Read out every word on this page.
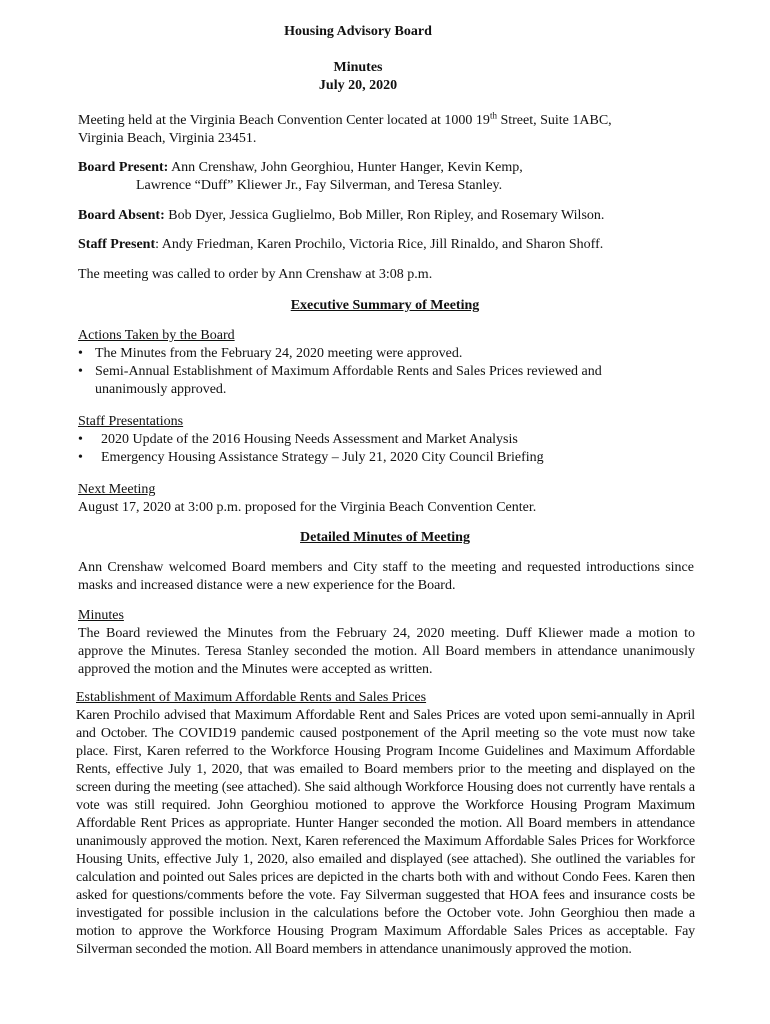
Housing Advisory Board
Minutes
July 20, 2020
Meeting held at the Virginia Beach Convention Center located at 1000 19th Street, Suite 1ABC,
Virginia Beach, Virginia 23451.
Board Present: Ann Crenshaw, John Georghiou, Hunter Hanger, Kevin Kemp,
Lawrence “Duff” Kliewer Jr., Fay Silverman, and Teresa Stanley.
Board Absent: Bob Dyer, Jessica Guglielmo, Bob Miller, Ron Ripley, and Rosemary Wilson.
Staff Present: Andy Friedman, Karen Prochilo, Victoria Rice, Jill Rinaldo, and Sharon Shoff.
The meeting was called to order by Ann Crenshaw at 3:08 p.m.
Executive Summary of Meeting
Actions Taken by the Board
• The Minutes from the February 24, 2020 meeting were approved.
• Semi-Annual Establishment of Maximum Affordable Rents and Sales Prices reviewed and unanimously approved.
Staff Presentations
• 2020 Update of the 2016 Housing Needs Assessment and Market Analysis
• Emergency Housing Assistance Strategy – July 21, 2020 City Council Briefing
Next Meeting
August 17, 2020 at 3:00 p.m. proposed for the Virginia Beach Convention Center.
Detailed Minutes of Meeting
Ann Crenshaw welcomed Board members and City staff to the meeting and requested introductions since masks and increased distance were a new experience for the Board.
Minutes
The Board reviewed the Minutes from the February 24, 2020 meeting. Duff Kliewer made a motion to approve the Minutes. Teresa Stanley seconded the motion. All Board members in attendance unanimously approved the motion and the Minutes were accepted as written.
Establishment of Maximum Affordable Rents and Sales Prices
Karen Prochilo advised that Maximum Affordable Rent and Sales Prices are voted upon semi-annually in April and October. The COVID19 pandemic caused postponement of the April meeting so the vote must now take place. First, Karen referred to the Workforce Housing Program Income Guidelines and Maximum Affordable Rents, effective July 1, 2020, that was emailed to Board members prior to the meeting and displayed on the screen during the meeting (see attached). She said although Workforce Housing does not currently have rentals a vote was still required. John Georghiou motioned to approve the Workforce Housing Program Maximum Affordable Rent Prices as appropriate. Hunter Hanger seconded the motion. All Board members in attendance unanimously approved the motion. Next, Karen referenced the Maximum Affordable Sales Prices for Workforce Housing Units, effective July 1, 2020, also emailed and displayed (see attached). She outlined the variables for calculation and pointed out Sales prices are depicted in the charts both with and without Condo Fees. Karen then asked for questions/comments before the vote. Fay Silverman suggested that HOA fees and insurance costs be investigated for possible inclusion in the calculations before the October vote. John Georghiou then made a motion to approve the Workforce Housing Program Maximum Affordable Sales Prices as acceptable. Fay Silverman seconded the motion. All Board members in attendance unanimously approved the motion.
